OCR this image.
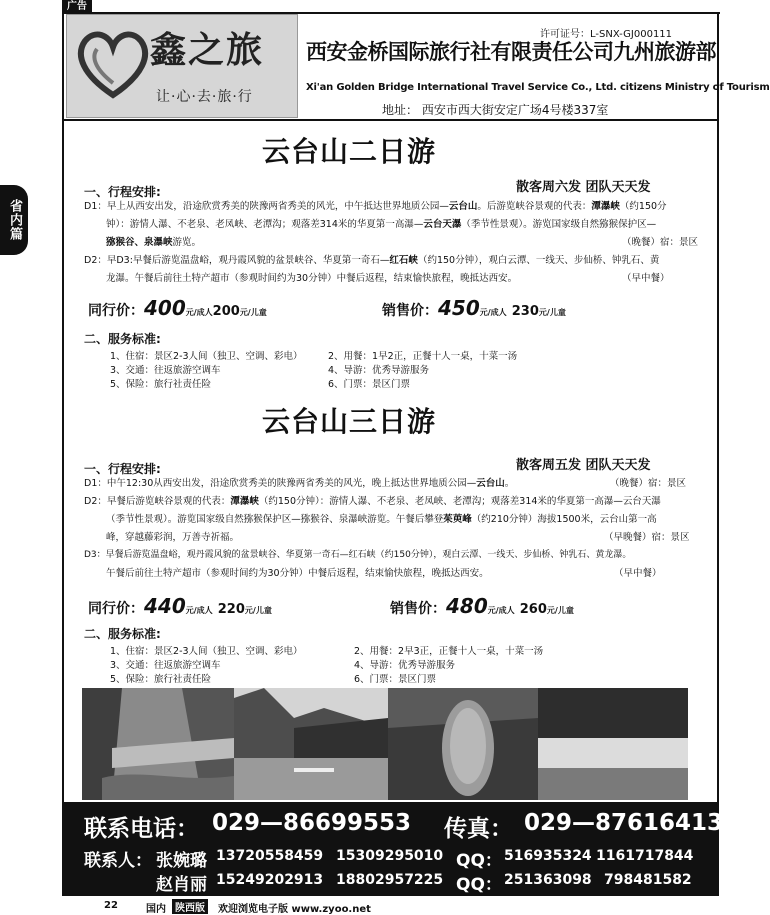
广告
鑫之旅
让·心·去·旅·行
许可证号：L-SNX-GJ000111
西安金桥国际旅行社有限责任公司九州旅游部
Xi'an Golden Bridge International Travel Service Co., Ltd. citizens Ministry of Tourism
地址： 西安市西大街安定广场4号楼337室
省内篇
云台山二日游
散客周六发 团队天天发
一、行程安排:
D1：早上从西安出发，沿途欣赏秀美的陕豫两省秀美的风光，中午抵达世界地质公园—云台山。后游览峡谷景观的代表：潭瀑峡（约150分
钟）：游情人瀑、不老泉、老凤峡、老潭沟；观落差314米的华夏第一高瀑—云台天瀑（季节性景观）。游览国家级自然猕猴保护区—
猕猴谷、泉瀑峡游览。	（晚餐）宿：景区
D2：早D3:早餐后游览温盘峪，观丹霞风貌的盆景峡谷、华夏第一奇石—红石峡（约150分钟），观白云潭、一线天、步仙桥、钟乳石、黄
龙瀑。午餐后前往土特产超市（参观时间约为30分钟）中餐后返程，结束愉快旅程，晚抵达西安。	（早中餐）
同行价：400元/成人200元/儿童	销售价：450元/成人 230元/儿童
二、服务标准:
1、住宿：景区2-3人间（独卫、空调、彩电）	2、用餐：1早2正，正餐十人一桌，十菜一汤
3、交通：往返旅游空调车	4、导游：优秀导游服务
5、保险：旅行社责任险	6、门票：景区门票
云台山三日游
散客周五发 团队天天发
一、行程安排:
D1：中午12:30从西安出发，沿途欣赏秀美的陕豫两省秀美的风光，晚上抵达世界地质公园—云台山。	（晚餐）宿：景区
D2：早餐后游览峡谷景观的代表：潭瀑峡（约150分钟）：游情人瀑、不老泉、老凤峡、老潭沟；观落差314米的华夏第一高瀑—云台天瀑
（季节性景观）。游览国家级自然猕猴保护区—猕猴谷、泉瀑峡游览。午餐后攀登茱萸峰（约210分钟）海拔1500米，云台山第一高
峰，穿越藤彩润，万善寺祈福。	（早晚餐）宿：景区
D3：早餐后游览温盘峪，观丹霞风貌的盆景峡谷、华夏第一奇石—红石峡（约150分钟），观白云潭、一线天、步仙桥、钟乳石、黄龙瀑。
午餐后前往土特产超市（参观时间约为30分钟）中餐后返程，结束愉快旅程，晚抵达西安。	（早中餐）
同行价：440元/成人 220元/儿童	销售价：480元/成人 260元/儿童
二、服务标准:
1、住宿：景区2-3人间（独卫、空调、彩电）	2、用餐：2早3正，正餐十人一桌，十菜一汤
3、交通：往返旅游空调车	4、导游：优秀导游服务
5、保险：旅行社责任险	6、门票：景区门票
联系电话： 029—86699553 传真： 029—87616413
联系人： 张婉璐 13720558459 15309295010 QQ： 516935324 1161717844
赵肖丽 15249202913 18802957225 QQ： 251363098 798481582
22	国内 陕西版	欢迎浏览电子版 www.zyoo.net
